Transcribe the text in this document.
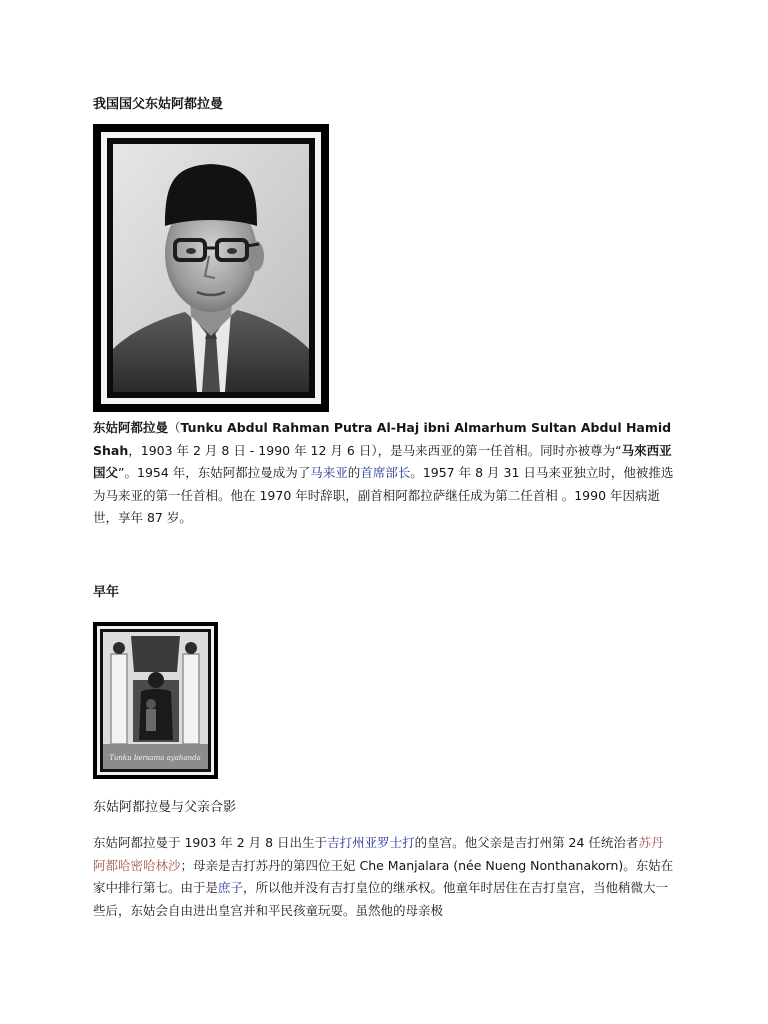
我国国父东姑阿都拉曼

东姑阿都拉曼（Tunku Abdul Rahman Putra Al-Haj ibni Almarhum Sultan Abdul Hamid Shah，1903 年 2 月 8 日 - 1990 年 12 月 6 日），是马来西亚的第一任首相。同时亦被尊为“马來西亚国父”。1954 年，东姑阿都拉曼成为了马来亚的首席部长。1957 年 8 月 31 日马来亚独立时，他被推选为马来亚的第一任首相。他在 1970 年时辞职，副首相阿都拉萨继任成为第二任首相 。1990 年因病逝世，享年 87 岁。

早年
Tunku bersama ayahanda

东姑阿都拉曼与父亲合影

东姑阿都拉曼于 1903 年 2 月 8 日出生于吉打州亚罗士打的皇宫。他父亲是吉打州第 24 任统治者苏丹阿都哈密哈林沙；母亲是吉打苏丹的第四位王妃 Che Manjalara (née Nueng Nonthanakorn)。东姑在家中排行第七。由于是庶子，所以他并没有吉打皇位的继承权。他童年时居住在吉打皇宫，当他稍微大一些后，东姑会自由进出皇宫并和平民孩童玩耍。虽然他的母亲极
